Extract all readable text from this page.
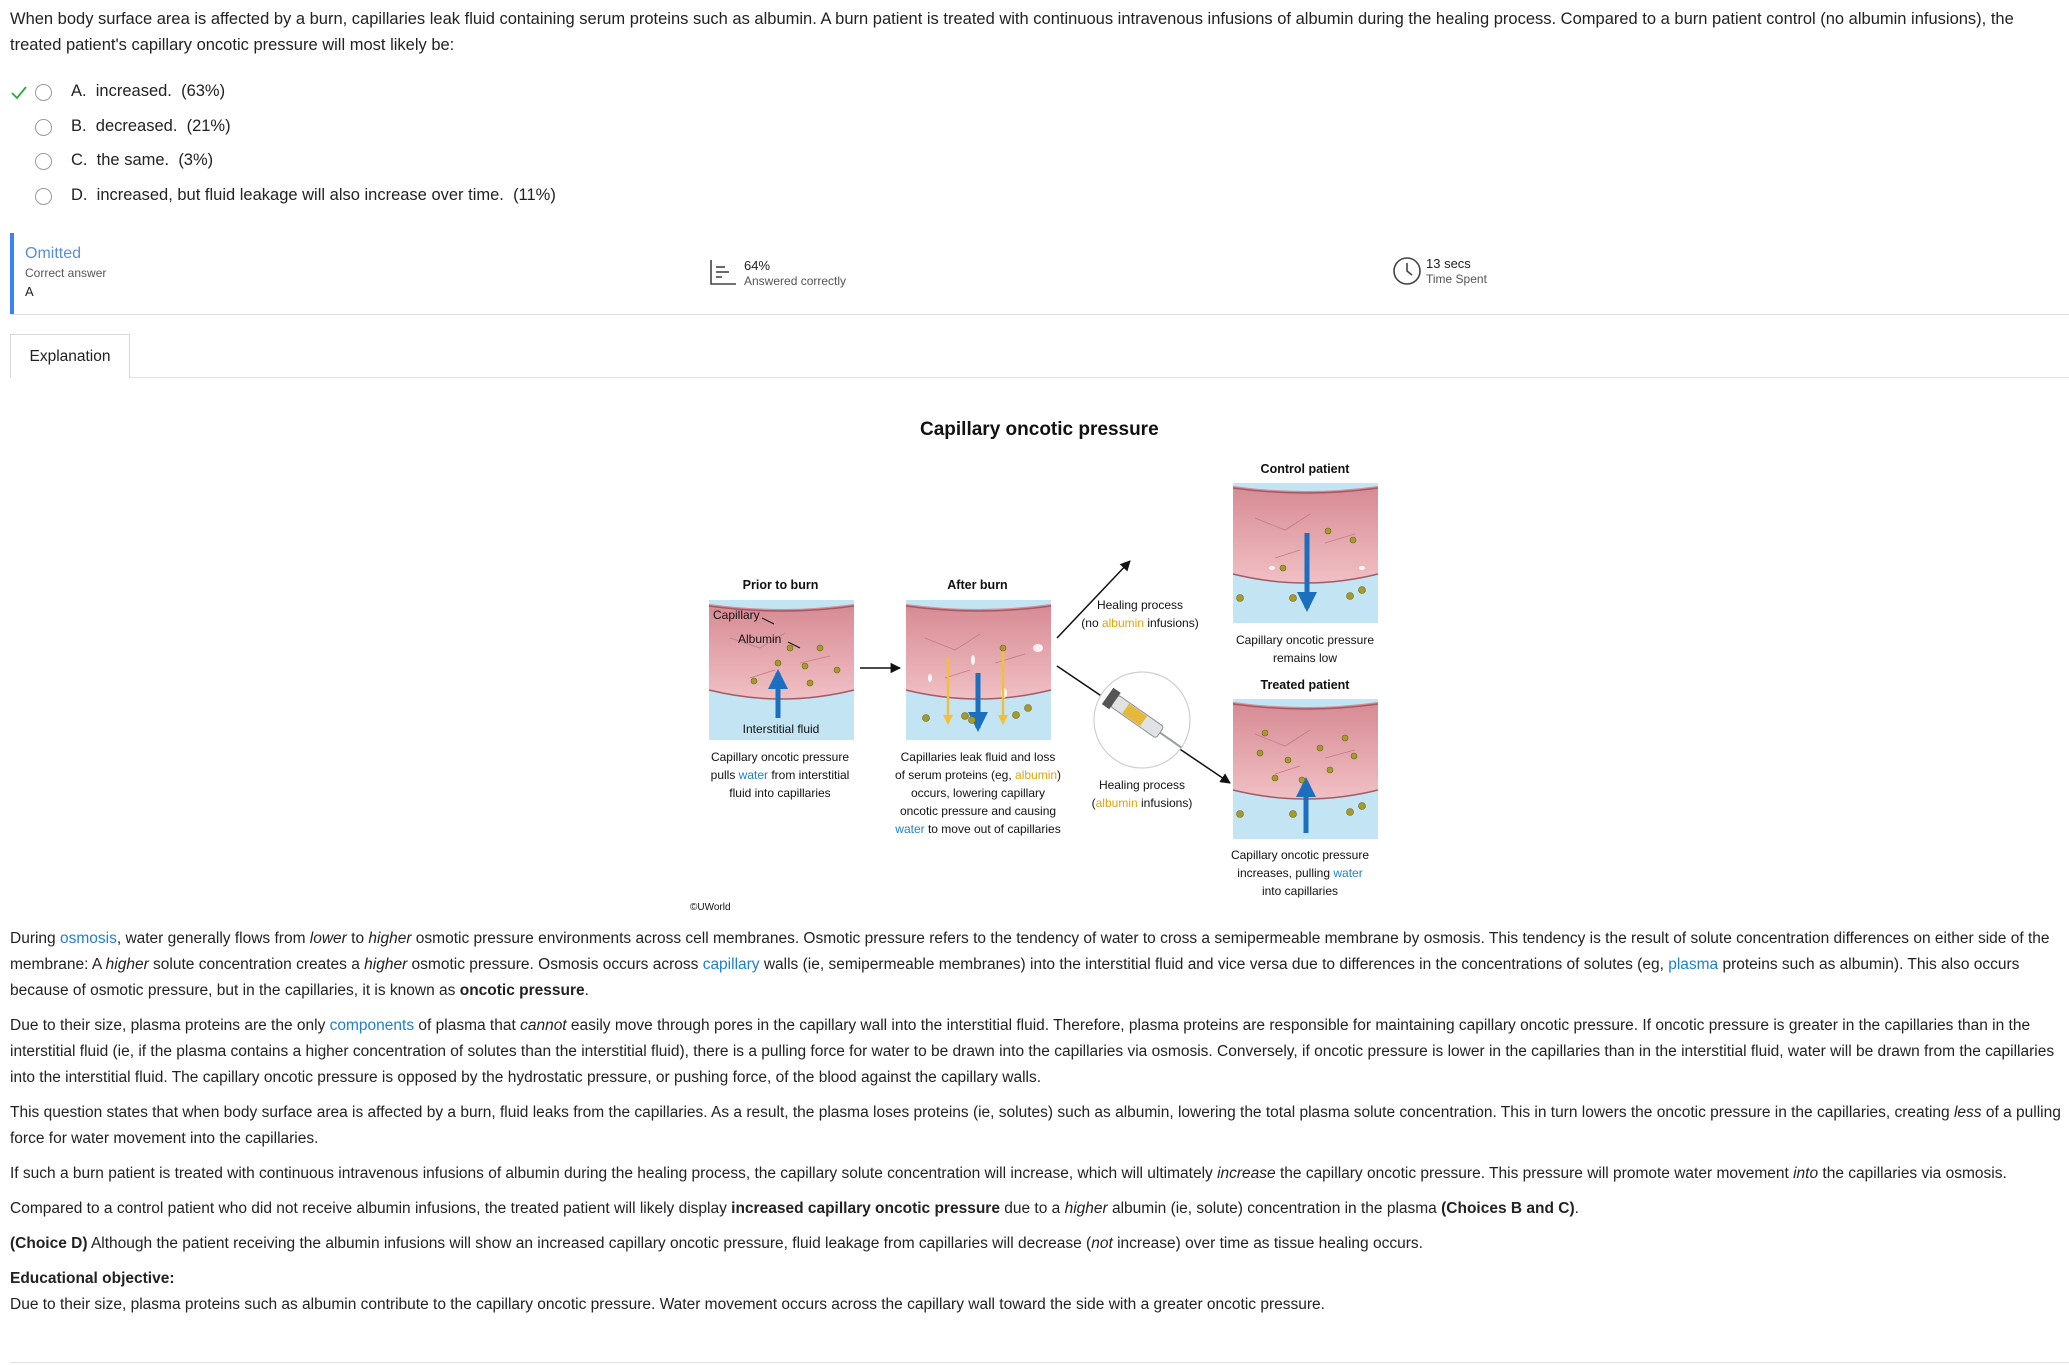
When body surface area is affected by a burn, capillaries leak fluid containing serum proteins such as albumin. A burn patient is treated with continuous intravenous infusions of albumin during the healing process. Compared to a burn patient control (no albumin infusions), the treated patient's capillary oncotic pressure will most likely be:
A. increased. (63%)
B. decreased. (21%)
C. the same. (3%)
D. increased, but fluid leakage will also increase over time. (11%)
Omitted
Correct answer
A
64%
Answered correctly
13 secs
Time Spent
Explanation
Capillary oncotic pressure
Prior to burn	After burn
Control patient
Treated patient
Capillary
Albumin
Interstitial fluid
Capillary oncotic pressure
pulls water from interstitial
fluid into capillaries
Capillaries leak fluid and loss
of serum proteins (eg, albumin)
occurs, lowering capillary
oncotic pressure and causing
water to move out of capillaries
Healing process
(no albumin infusions)
Healing process
(albumin infusions)
Capillary oncotic pressure
remains low
Capillary oncotic pressure
increases, pulling water
into capillaries
©UWorld

During osmosis, water generally flows from lower to higher osmotic pressure environments across cell membranes. Osmotic pressure refers to the tendency of water to cross a semipermeable membrane by osmosis. This tendency is the result of solute concentration differences on either side of the membrane: A higher solute concentration creates a higher osmotic pressure. Osmosis occurs across capillary walls (ie, semipermeable membranes) into the interstitial fluid and vice versa due to differences in the concentrations of solutes (eg, plasma proteins such as albumin). This also occurs because of osmotic pressure, but in the capillaries, it is known as oncotic pressure.

Due to their size, plasma proteins are the only components of plasma that cannot easily move through pores in the capillary wall into the interstitial fluid. Therefore, plasma proteins are responsible for maintaining capillary oncotic pressure. If oncotic pressure is greater in the capillaries than in the interstitial fluid (ie, if the plasma contains a higher concentration of solutes than the interstitial fluid), there is a pulling force for water to be drawn into the capillaries via osmosis. Conversely, if oncotic pressure is lower in the capillaries than in the interstitial fluid, water will be drawn from the capillaries into the interstitial fluid. The capillary oncotic pressure is opposed by the hydrostatic pressure, or pushing force, of the blood against the capillary walls.

This question states that when body surface area is affected by a burn, fluid leaks from the capillaries. As a result, the plasma loses proteins (ie, solutes) such as albumin, lowering the total plasma solute concentration. This in turn lowers the oncotic pressure in the capillaries, creating less of a pulling force for water movement into the capillaries.

If such a burn patient is treated with continuous intravenous infusions of albumin during the healing process, the capillary solute concentration will increase, which will ultimately increase the capillary oncotic pressure. This pressure will promote water movement into the capillaries via osmosis.

Compared to a control patient who did not receive albumin infusions, the treated patient will likely display increased capillary oncotic pressure due to a higher albumin (ie, solute) concentration in the plasma (Choices B and C).

(Choice D) Although the patient receiving the albumin infusions will show an increased capillary oncotic pressure, fluid leakage from capillaries will decrease (not increase) over time as tissue healing occurs.

Educational objective:

Due to their size, plasma proteins such as albumin contribute to the capillary oncotic pressure. Water movement occurs across the capillary wall toward the side with a greater oncotic pressure.
